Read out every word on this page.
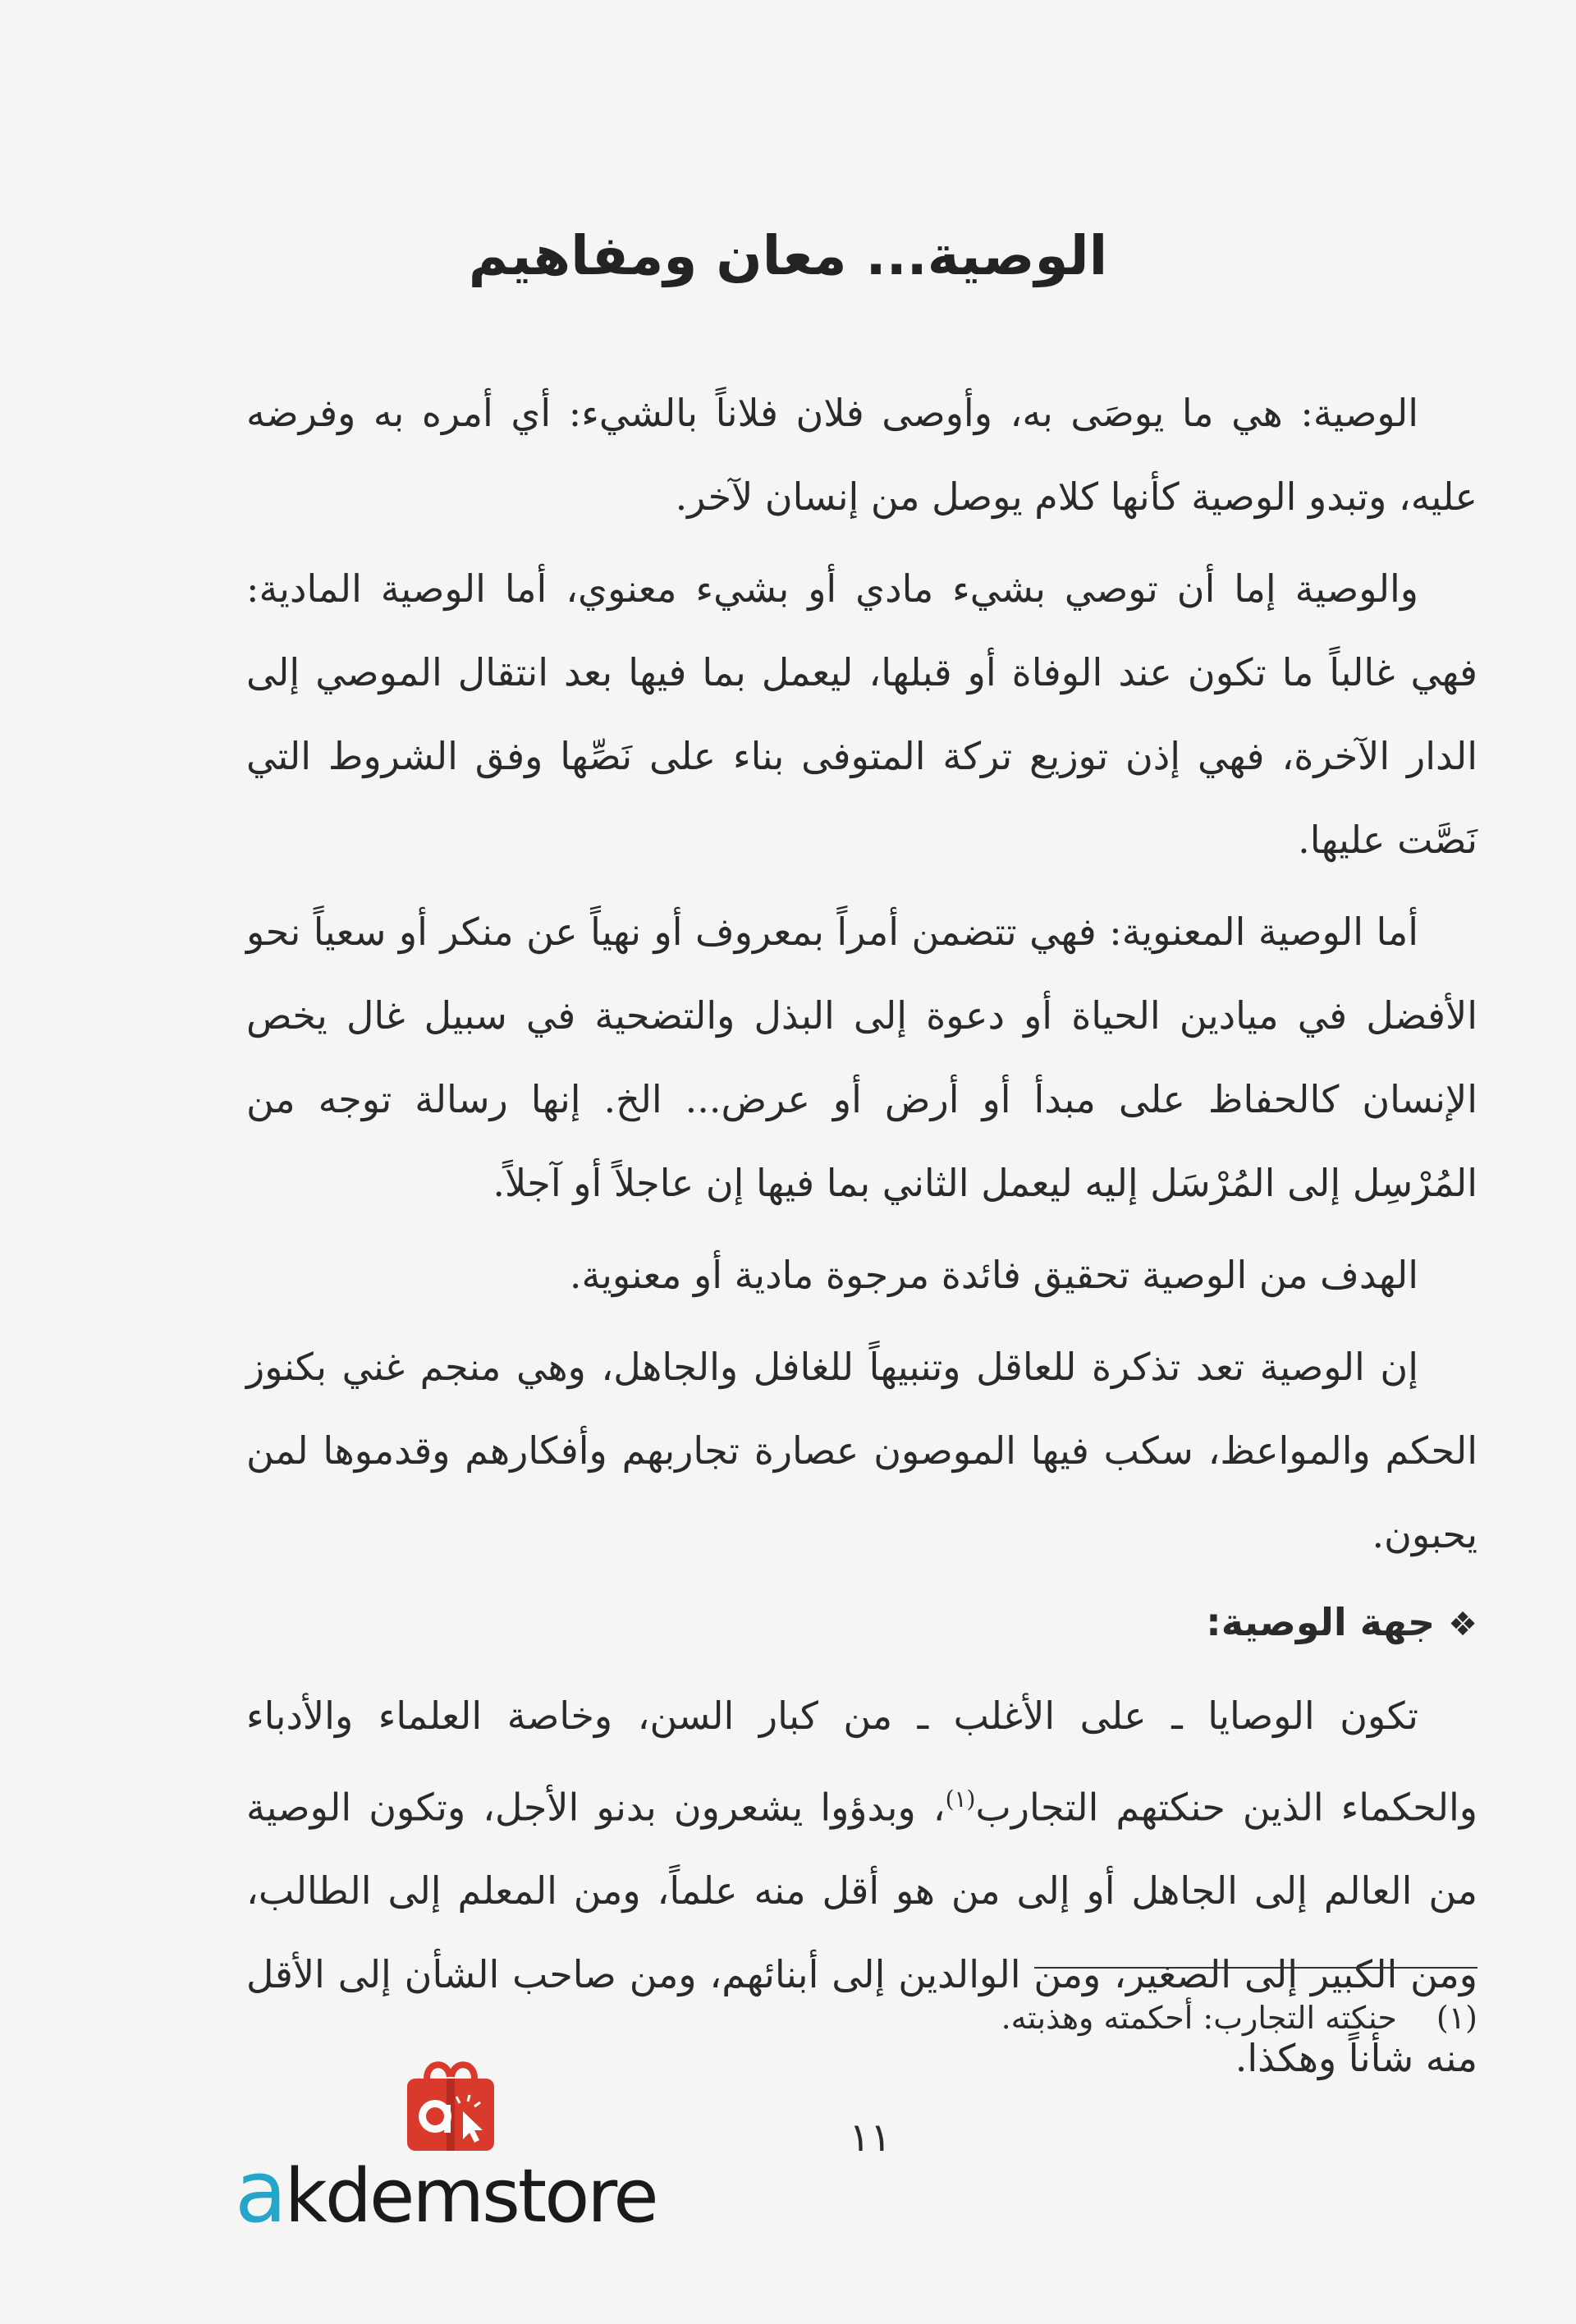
الوصية... معان ومفاهيم

الوصية: هي ما يوصَى به، وأوصى فلان فلاناً بالشيء: أي أمره به وفرضه عليه، وتبدو الوصية كأنها كلام يوصل من إنسان لآخر.

والوصية إما أن توصي بشيء مادي أو بشيء معنوي، أما الوصية المادية: فهي غالباً ما تكون عند الوفاة أو قبلها، ليعمل بما فيها بعد انتقال الموصي إلى الدار الآخرة، فهي إذن توزيع تركة المتوفى بناء على نَصِّها وفق الشروط التي نَصَّت عليها.

أما الوصية المعنوية: فهي تتضمن أمراً بمعروف أو نهياً عن منكر أو سعياً نحو الأفضل في ميادين الحياة أو دعوة إلى البذل والتضحية في سبيل غال يخص الإنسان كالحفاظ على مبدأ أو أرض أو عرض... الخ. إنها رسالة توجه من المُرْسِل إلى المُرْسَل إليه ليعمل الثاني بما فيها إن عاجلاً أو آجلاً.

الهدف من الوصية تحقيق فائدة مرجوة مادية أو معنوية.

إن الوصية تعد تذكرة للعاقل وتنبيهاً للغافل والجاهل، وهي منجم غني بكنوز الحكم والمواعظ، سكب فيها الموصون عصارة تجاربهم وأفكارهم وقدموها لمن يحبون.

❖جهة الوصية:

تكون الوصايا ـ على الأغلب ـ من كبار السن، وخاصة العلماء والأدباء والحكماء الذين حنكتهم التجارب$^{(١)}$، وبدؤوا يشعرون بدنو الأجل، وتكون الوصية من العالم إلى الجاهل أو إلى من هو أقل منه علماً، ومن المعلم إلى الطالب، ومن الكبير إلى الصغير، ومن الوالدين إلى أبنائهم، ومن صاحب الشأن إلى الأقل منه شأناً وهكذا.

(١)حنكته التجارب: أحكمته وهذبته.
١١
akdemstore
